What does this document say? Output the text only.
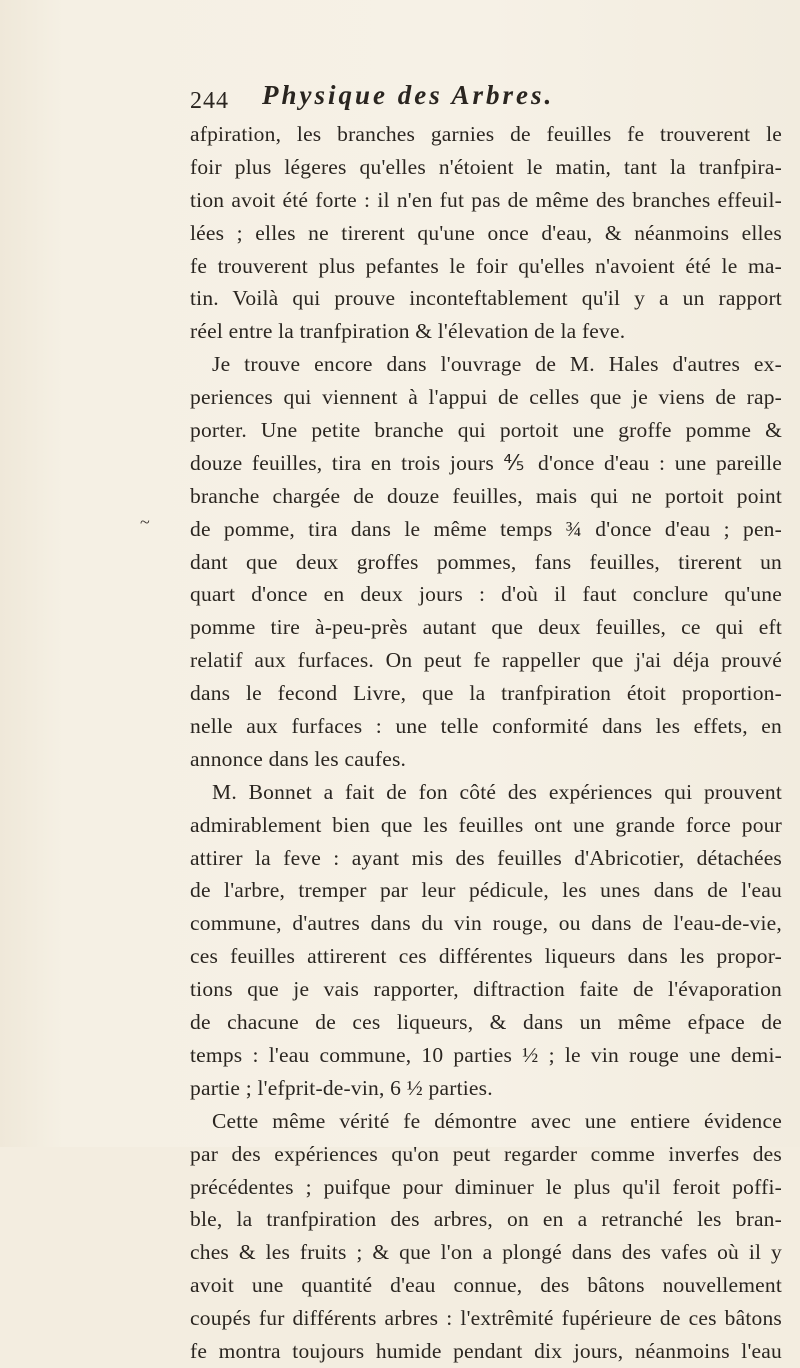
244 Physique des Arbres.
~
afpiration, les branches garnies de feuilles fe trouverent le
foir plus légeres qu'elles n'étoient le matin, tant la tranfpira-
tion avoit été forte : il n'en fut pas de même des branches effeuil-
lées ; elles ne tirerent qu'une once d'eau, & néanmoins elles
fe trouverent plus pefantes le foir qu'elles n'avoient été le ma-
tin. Voilà qui prouve inconteftablement qu'il y a un rapport
réel entre la tranfpiration & l'élevation de la feve.
Je trouve encore dans l'ouvrage de M. Hales d'autres ex-
periences qui viennent à l'appui de celles que je viens de rap-
porter. Une petite branche qui portoit une groffe pomme &
douze feuilles, tira en trois jours ⅘ d'once d'eau : une pareille
branche chargée de douze feuilles, mais qui ne portoit point
de pomme, tira dans le même temps ¾ d'once d'eau ; pen-
dant que deux groffes pommes, fans feuilles, tirerent un
quart d'once en deux jours : d'où il faut conclure qu'une
pomme tire à-peu-près autant que deux feuilles, ce qui eft
relatif aux furfaces. On peut fe rappeller que j'ai déja prouvé
dans le fecond Livre, que la tranfpiration étoit proportion-
nelle aux furfaces : une telle conformité dans les effets, en
annonce dans les caufes.
M. Bonnet a fait de fon côté des expériences qui prouvent
admirablement bien que les feuilles ont une grande force pour
attirer la feve : ayant mis des feuilles d'Abricotier, détachées
de l'arbre, tremper par leur pédicule, les unes dans de l'eau
commune, d'autres dans du vin rouge, ou dans de l'eau-de-vie,
ces feuilles attirerent ces différentes liqueurs dans les propor-
tions que je vais rapporter, diftraction faite de l'évaporation
de chacune de ces liqueurs, & dans un même efpace de
temps : l'eau commune, 10 parties ½ ; le vin rouge une demi-
partie ; l'efprit-de-vin, 6 ½ parties.
Cette même vérité fe démontre avec une entiere évidence
par des expériences qu'on peut regarder comme inverfes des
précédentes ; puifque pour diminuer le plus qu'il feroit poffi-
ble, la tranfpiration des arbres, on en a retranché les bran-
ches & les fruits ; & que l'on a plongé dans des vafes où il y
avoit une quantité d'eau connue, des bâtons nouvellement
coupés fur différents arbres : l'extrêmité fupérieure de ces bâtons
fe montra toujours humide pendant dix jours, néanmoins l'eau
